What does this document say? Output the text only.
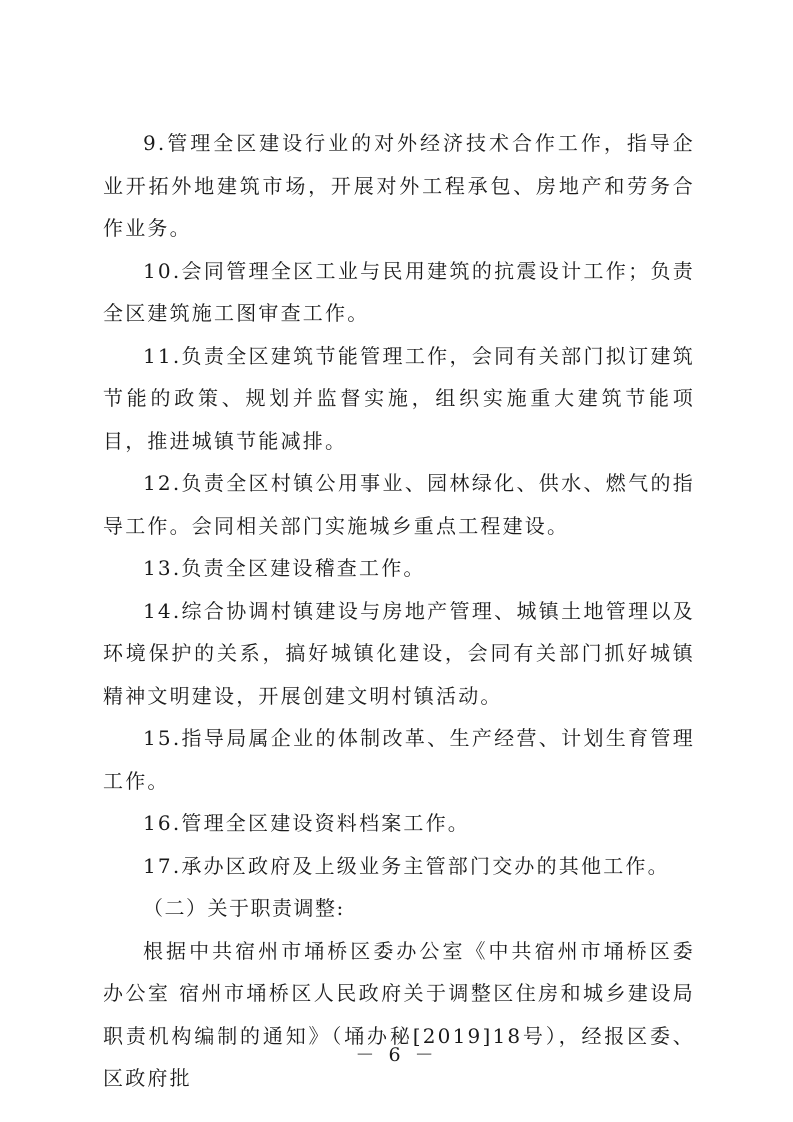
9.管理全区建设行业的对外经济技术合作工作，指导企业开拓外地建筑市场，开展对外工程承包、房地产和劳务合作业务。

10.会同管理全区工业与民用建筑的抗震设计工作；负责全区建筑施工图审查工作。

11.负责全区建筑节能管理工作，会同有关部门拟订建筑节能的政策、规划并监督实施，组织实施重大建筑节能项目，推进城镇节能减排。

12.负责全区村镇公用事业、园林绿化、供水、燃气的指导工作。会同相关部门实施城乡重点工程建设。

13.负责全区建设稽查工作。

14.综合协调村镇建设与房地产管理、城镇土地管理以及环境保护的关系，搞好城镇化建设，会同有关部门抓好城镇精神文明建设，开展创建文明村镇活动。

15.指导局属企业的体制改革、生产经营、计划生育管理工作。

16.管理全区建设资料档案工作。

17.承办区政府及上级业务主管部门交办的其他工作。

（二）关于职责调整:

根据中共宿州市埇桥区委办公室《中共宿州市埇桥区委办公室 宿州市埇桥区人民政府关于调整区住房和城乡建设局职责机构编制的通知》（埇办秘[2019]18号），经报区委、区政府批

－ 6 －
